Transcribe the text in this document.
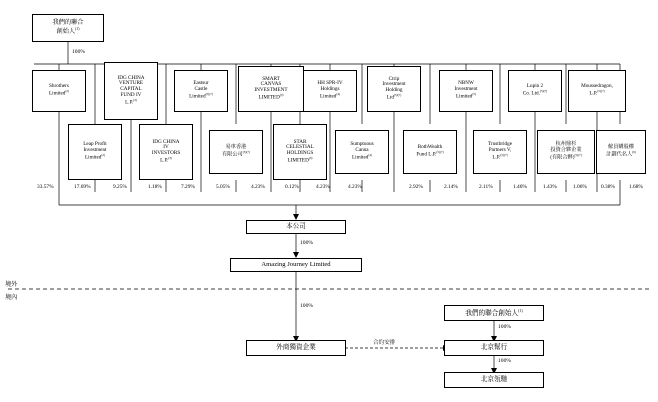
我們的聯合
創始人$^{(1)}$
100%
Shrothers
Limited$^{(2)}$
IDG CHINA
VENTURE
CAPITAL
FUND IV
L.P.$^{(3)}$
Eastsur
Castle
Limited$^{(5)(7)}$
SMART
CANVAS
INVESTMENT
LIMITED$^{(3)}$
HH SPR-IV
Holdings
Limited$^{(4)}$
Ctrip
Investment
Holding
Ltd$^{(5)(7)}$
NBNW
Investment
Limited$^{(5)}$
Lupin 2
Co. Ltd.$^{(5)(7)}$
Moussedragon,
L.P.$^{(5)(7)}$
Leap Profit
Investment
Limited$^{(2)}$
IDG CHINA
IV
INVESTORS
L.P.$^{(3)}$
易車香港
有限公司$^{(5)(7)}$
STAR
CELESTIAL
HOLDINGS
LIMITED$^{(3)}$
Sumptuous
Canna
Limited$^{(4)}$
BothWealth
Fund L.P.$^{(5)(7)}$
Trustbridge
Partners V,
L.P.$^{(5)(7)}$
杭州鼎杉
投資合夥企業
(有限合夥)$^{(5)(7)}$
僱員購股權
計劃代名人$^{(6)}$
33.57%	17.69%	9.25%	1.18%	7.29%	5.05%	4.23%	0.12%	4.23%	4.23%	2.92%	2.14%	2.11%	1.46%	1.43%	1.06%	0.38%	1.68%
本公司
100%
Amazing Journey Limited
境外
境內
100%
外商獨資企業
合約安排
我們的聯合創始人$^{(1)}$
100%
北京幫行
100%
北京瓴馳
